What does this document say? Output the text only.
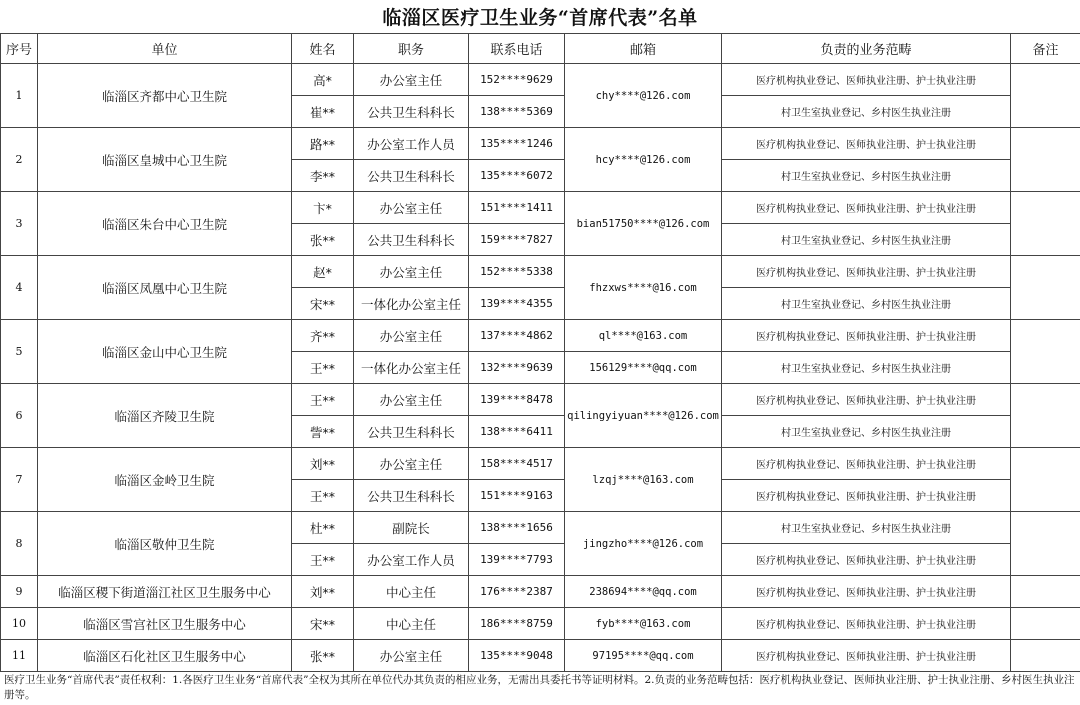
临淄区医疗卫生业务“首席代表”名单
序号	单位	姓名	职务	联系电话	邮箱	负责的业务范畴	备注
1	临淄区齐都中心卫生院	高*	办公室主任	152****9629	chy****@126.com	医疗机构执业登记、医师执业注册、护士执业注册	
		崔**	公共卫生科科长	138****5369		村卫生室执业登记、乡村医生执业注册	
2	临淄区皇城中心卫生院	路**	办公室工作人员	135****1246	hcy****@126.com	医疗机构执业登记、医师执业注册、护士执业注册	
		李**	公共卫生科科长	135****6072		村卫生室执业登记、乡村医生执业注册	
3	临淄区朱台中心卫生院	卞*	办公室主任	151****1411	bian51750****@126.com	医疗机构执业登记、医师执业注册、护士执业注册	
		张**	公共卫生科科长	159****7827		村卫生室执业登记、乡村医生执业注册	
4	临淄区凤凰中心卫生院	赵*	办公室主任	152****5338	fhzxws****@16.com	医疗机构执业登记、医师执业注册、护士执业注册	
		宋**	一体化办公室主任	139****4355		村卫生室执业登记、乡村医生执业注册	
5	临淄区金山中心卫生院	齐**	办公室主任	137****4862	ql****@163.com	医疗机构执业登记、医师执业注册、护士执业注册	
		王**	一体化办公室主任	132****9639	156129****@qq.com	村卫生室执业登记、乡村医生执业注册	
6	临淄区齐陵卫生院	王**	办公室主任	139****8478	qilingyiyuan****@126.com	医疗机构执业登记、医师执业注册、护士执业注册	
		訾**	公共卫生科科长	138****6411		村卫生室执业登记、乡村医生执业注册	
7	临淄区金岭卫生院	刘**	办公室主任	158****4517	lzqj****@163.com	医疗机构执业登记、医师执业注册、护士执业注册	
		王**	公共卫生科科长	151****9163		医疗机构执业登记、医师执业注册、护士执业注册	
8	临淄区敬仲卫生院	杜**	副院长	138****1656	jingzho****@126.com	村卫生室执业登记、乡村医生执业注册	
		王**	办公室工作人员	139****7793		医疗机构执业登记、医师执业注册、护士执业注册	
9	临淄区稷下街道淄江社区卫生服务中心	刘**	中心主任	176****2387	238694****@qq.com	医疗机构执业登记、医师执业注册、护士执业注册	
10	临淄区雪宫社区卫生服务中心	宋**	中心主任	186****8759	fyb****@163.com	医疗机构执业登记、医师执业注册、护士执业注册	
11	临淄区石化社区卫生服务中心	张**	办公室主任	135****9048	97195****@qq.com	医疗机构执业登记、医师执业注册、护士执业注册	
医疗卫生业务“首席代表”责任权利：1.各医疗卫生业务“首席代表”全权为其所在单位代办其负责的相应业务，无需出具委托书等证明材料。2.负责的业务范畴包括：医疗机构执业登记、医师执业注册、护士执业注册、乡村医生执业注册等。
